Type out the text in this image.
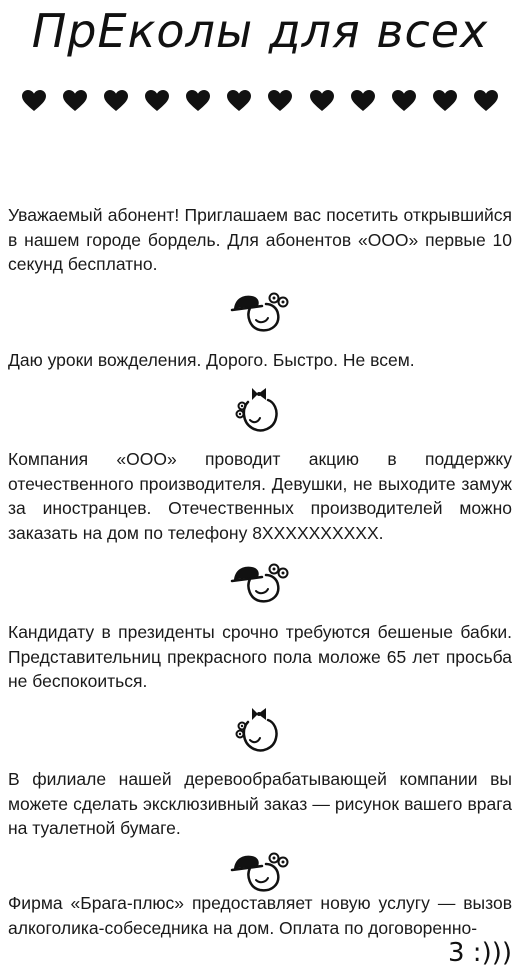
ПрЕколы для всех
Уважаемый абонент! Приглашаем вас посетить открывшийся в нашем городе бордель. Для абонентов «ООО» первые 10 секунд бесплатно.
Даю уроки вожделения. Дорого. Быстро. Не всем.
Компания «ООО» проводит акцию в поддержку отечественного производителя. Девушки, не выходите замуж за иностранцев. Отечественных производителей можно заказать на дом по телефону 8XXXXXXXXXX.
Кандидату в президенты срочно требуются бешеные бабки. Представительниц прекрасного пола моложе 65 лет просьба не беспокоиться.
В филиале нашей деревообрабатывающей компании вы можете сделать эксклюзивный заказ — рисунок вашего врага на туалетной бумаге.
Фирма «Брага-плюс» предоставляет новую услугу — вызов алкоголика-собеседника на дом. Оплата по договоренно-
3 :)))
